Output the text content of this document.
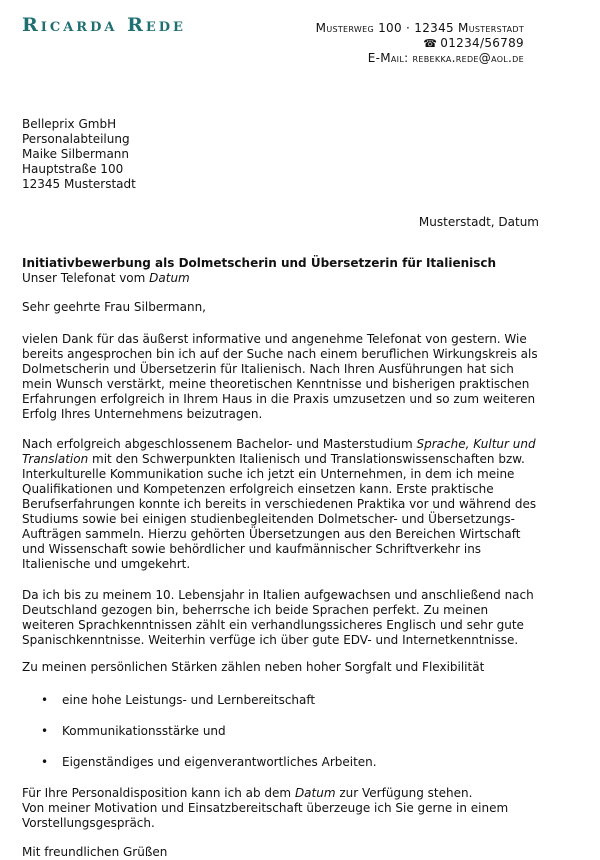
Ricarda Rede	Musterweg 100 · 12345 Musterstadt
☎ 01234/56789
E-Mail: rebekka.rede@aol.de
Belleprix GmbH
Personalabteilung
Maike Silbermann
Hauptstraße 100
12345 Musterstadt
Musterstadt, Datum

Initiativbewerbung als Dolmetscherin und Übersetzerin für Italienisch

Unser Telefonat vom Datum

Sehr geehrte Frau Silbermann,

vielen Dank für das äußerst informative und angenehme Telefonat von gestern. Wie bereits angesprochen bin ich auf der Suche nach einem beruflichen Wirkungskreis als Dolmetscherin und Übersetzerin für Italienisch. Nach Ihren Ausführungen hat sich mein Wunsch verstärkt, meine theoretischen Kenntnisse und bisherigen praktischen Erfahrungen erfolgreich in Ihrem Haus in die Praxis umzusetzen und so zum weiteren Erfolg Ihres Unternehmens beizutragen.

Nach erfolgreich abgeschlossenem Bachelor- und Masterstudium Sprache, Kultur und Translation mit den Schwerpunkten Italienisch und Translationswissenschaften bzw. Interkulturelle Kommunikation suche ich jetzt ein Unternehmen, in dem ich meine Qualifikationen und Kompetenzen erfolgreich einsetzen kann. Erste praktische Berufserfahrungen konnte ich bereits in verschiedenen Praktika vor und während des Studiums sowie bei einigen studienbegleitenden Dolmetscher- und Übersetzungs-Aufträgen sammeln. Hierzu gehörten Übersetzungen aus den Bereichen Wirtschaft und Wissenschaft sowie behördlicher und kaufmännischer Schriftverkehr ins Italienische und umgekehrt.

Da ich bis zu meinem 10. Lebensjahr in Italien aufgewachsen und anschließend nach Deutschland gezogen bin, beherrsche ich beide Sprachen perfekt. Zu meinen weiteren Sprachkenntnissen zählt ein verhandlungssicheres Englisch und sehr gute Spanischkenntnisse. Weiterhin verfüge ich über gute EDV- und Internetkenntnisse.

Zu meinen persönlichen Stärken zählen neben hoher Sorgfalt und Flexibilität

• eine hohe Leistungs- und Lernbereitschaft
• Kommunikationsstärke und
• Eigenständiges und eigenverantwortliches Arbeiten.
Für Ihre Personaldisposition kann ich ab dem Datum zur Verfügung stehen.
Von meiner Motivation und Einsatzbereitschaft überzeuge ich Sie gerne in einem
Vorstellungsgespräch.
Mit freundlichen Grüßen
